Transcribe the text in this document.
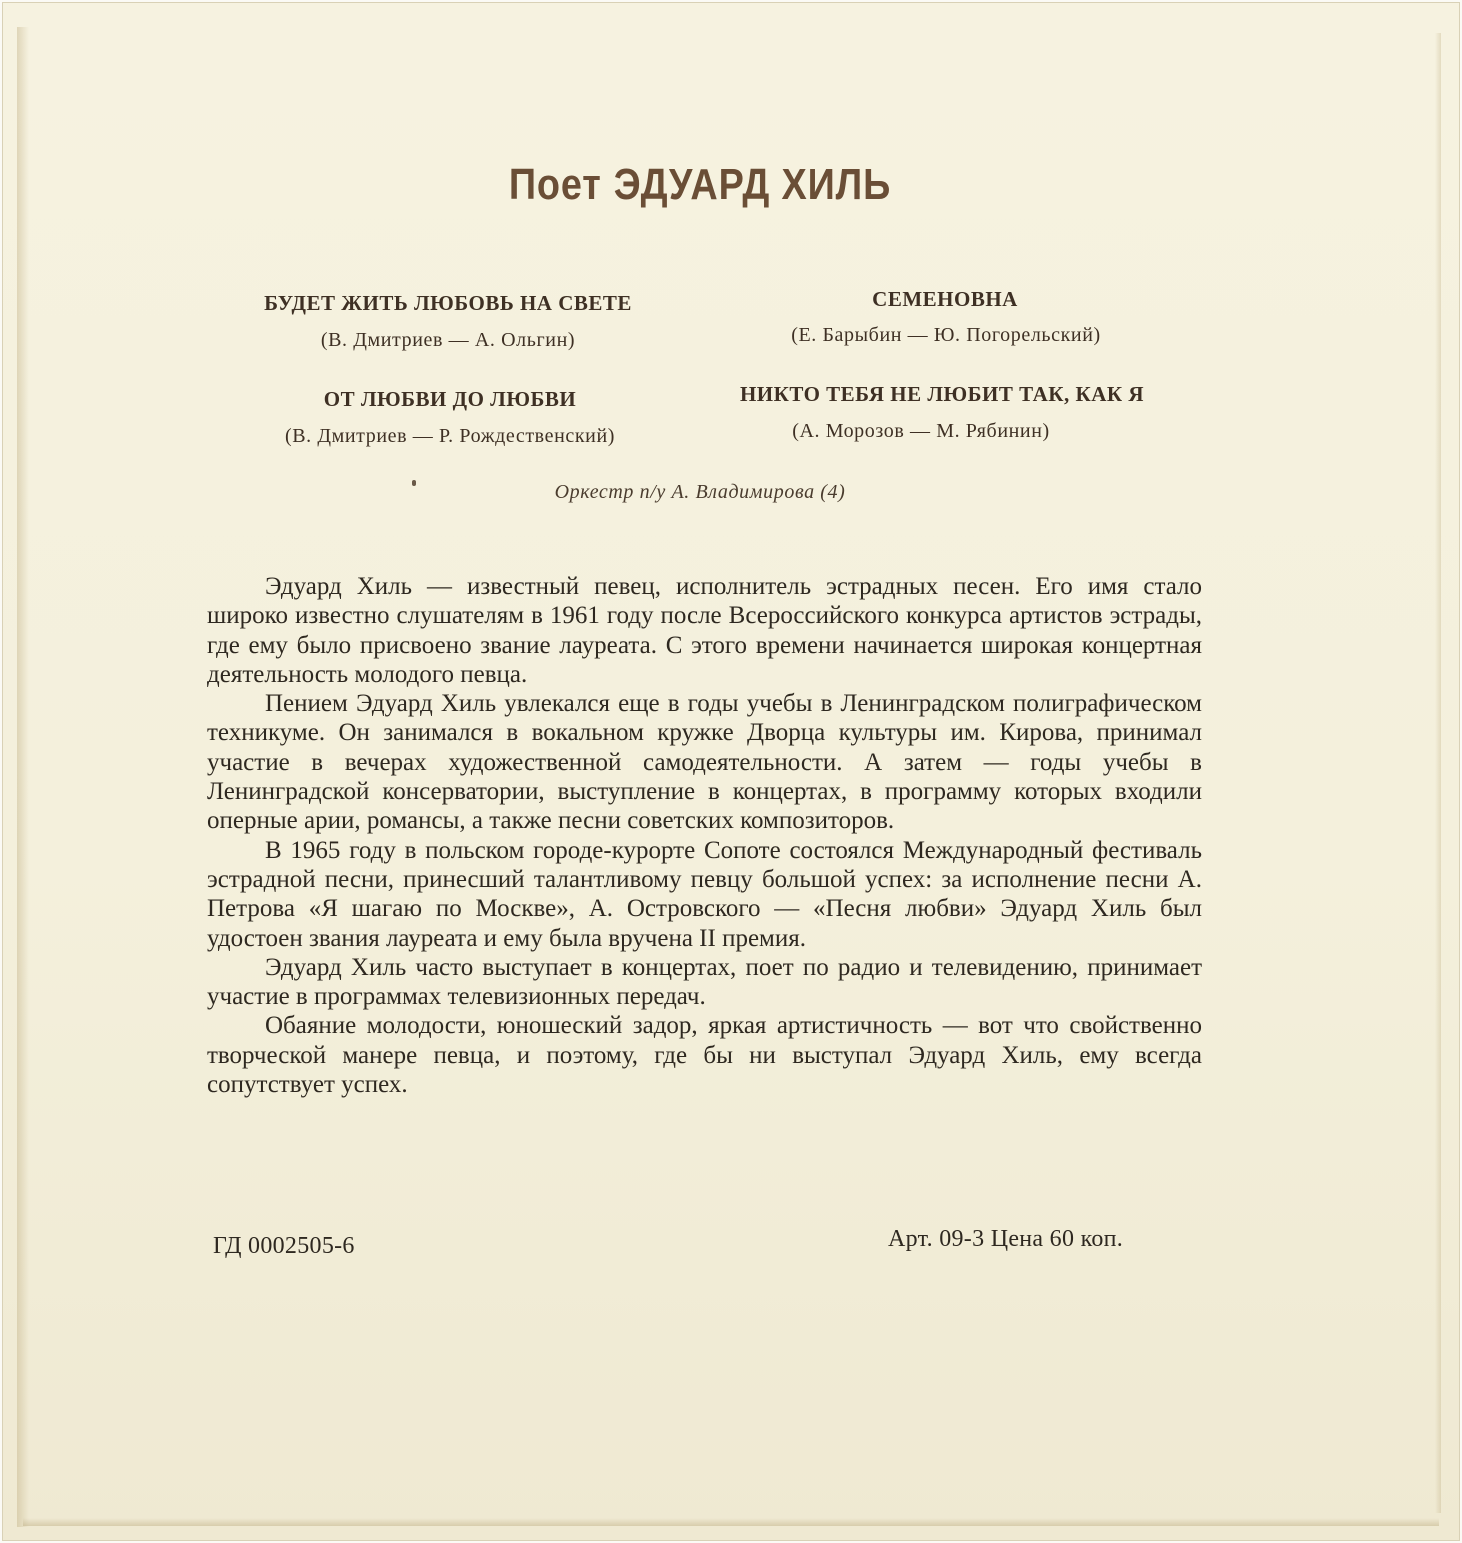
Поет ЭДУАРД ХИЛЬ
БУДЕТ ЖИТЬ ЛЮБОВЬ НА СВЕТЕ
(В. Дмитриев — А. Ольгин)
ОТ ЛЮБВИ ДО ЛЮБВИ
(В. Дмитриев — Р. Рождественский)
СЕМЕНОВНА
(Е. Барыбин — Ю. Погорельский)
НИКТО ТЕБЯ НЕ ЛЮБИТ ТАК, КАК Я
(А. Морозов — М. Рябинин)
Оркестр п/у А. Владимирова (4)

Эдуард Хиль — известный певец, исполнитель эстрадных песен. Его имя стало широко известно слушателям в 1961 году после Всероссийского конкурса артистов эстрады, где ему было присвоено звание лауреата. С этого времени начинается широкая концертная деятельность молодого певца.

Пением Эдуард Хиль увлекался еще в годы учебы в Ленинградском полиграфическом техникуме. Он занимался в вокальном кружке Дворца культуры им. Кирова, принимал участие в вечерах художественной самодеятельности. А затем — годы учебы в Ленинградской консерватории, выступление в концертах, в программу которых входили оперные арии, романсы, а также песни советских композиторов.

В 1965 году в польском городе-курорте Сопоте состоялся Международный фестиваль эстрадной песни, принесший талантливому певцу большой успех: за исполнение песни А. Петрова «Я шагаю по Москве», А. Островского — «Песня любви» Эдуард Хиль был удостоен звания лауреата и ему была вручена II премия.

Эдуард Хиль часто выступает в концертах, поет по радио и телевидению, принимает участие в программах телевизионных передач.

Обаяние молодости, юношеский задор, яркая артистичность — вот что свойственно творческой манере певца, и поэтому, где бы ни выступал Эдуард Хиль, ему всегда сопутствует успех.

ГД 0002505-6	Арт. 09-3 Цена 60 коп.
